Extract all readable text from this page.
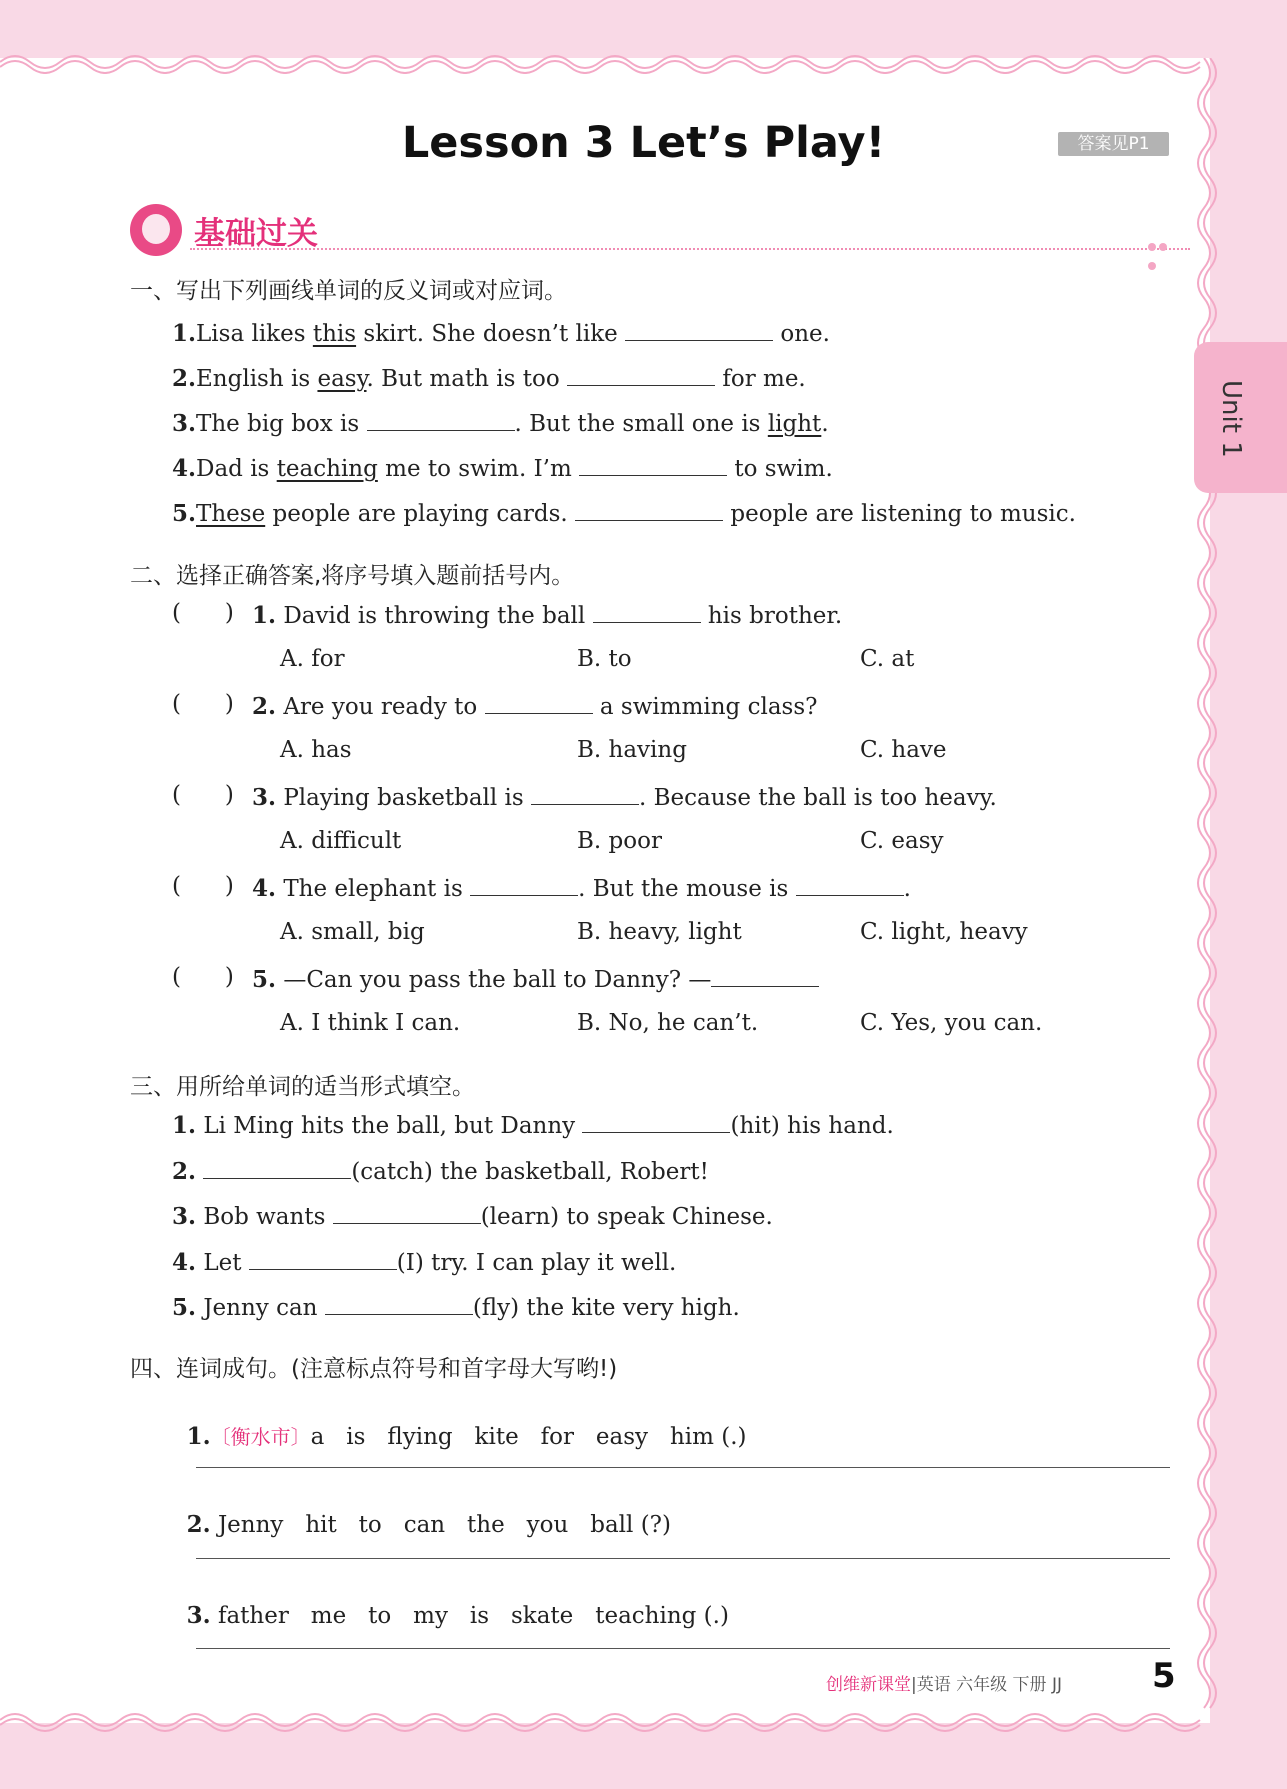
Lesson 3 Let’s Play!	答案见P1
Unit 1
基础过关
一、写出下列画线单词的反义词或对应词。
1.Lisa likes this skirt. She doesn’t like	one.
2.English is easy. But math is too	for me.
3.The big box is	. But the small one is light.
4.Dad is teaching me to swim. I’m	to swim.
5.These people are playing cards.	people are listening to music.
二、选择正确答案,将序号填入题前括号内。
(      ) 1. David is throwing the ball	his brother.
A. for	B. to	C. at
(      ) 2. Are you ready to	a swimming class?
A. has	B. having	C. have
(      ) 3. Playing basketball is	. Because the ball is too heavy.
A. difficult	B. poor	C. easy
(      ) 4. The elephant is	. But the mouse is	.
A. small, big	B. heavy, light	C. light, heavy
(      ) 5. —Can you pass the ball to Danny? —
A. I think I can.	B. No, he can’t.	C. Yes, you can.
三、用所给单词的适当形式填空。
1. Li Ming hits the ball, but Danny	(hit) his hand.
2.	(catch) the basketball, Robert!
3. Bob wants	(learn) to speak Chinese.
4. Let	(I) try. I can play it well.
5. Jenny can	(fly) the kite very high.
四、连词成句。(注意标点符号和首字母大写哟!)

1.〔衡水市〕a   is   flying   kite   for   easy   him (.)

2. Jenny   hit   to   can   the   you   ball (?)

3. father   me   to   my   is   skate   teaching (.)

创维新课堂|英语 六年级 下册 JJ	5
